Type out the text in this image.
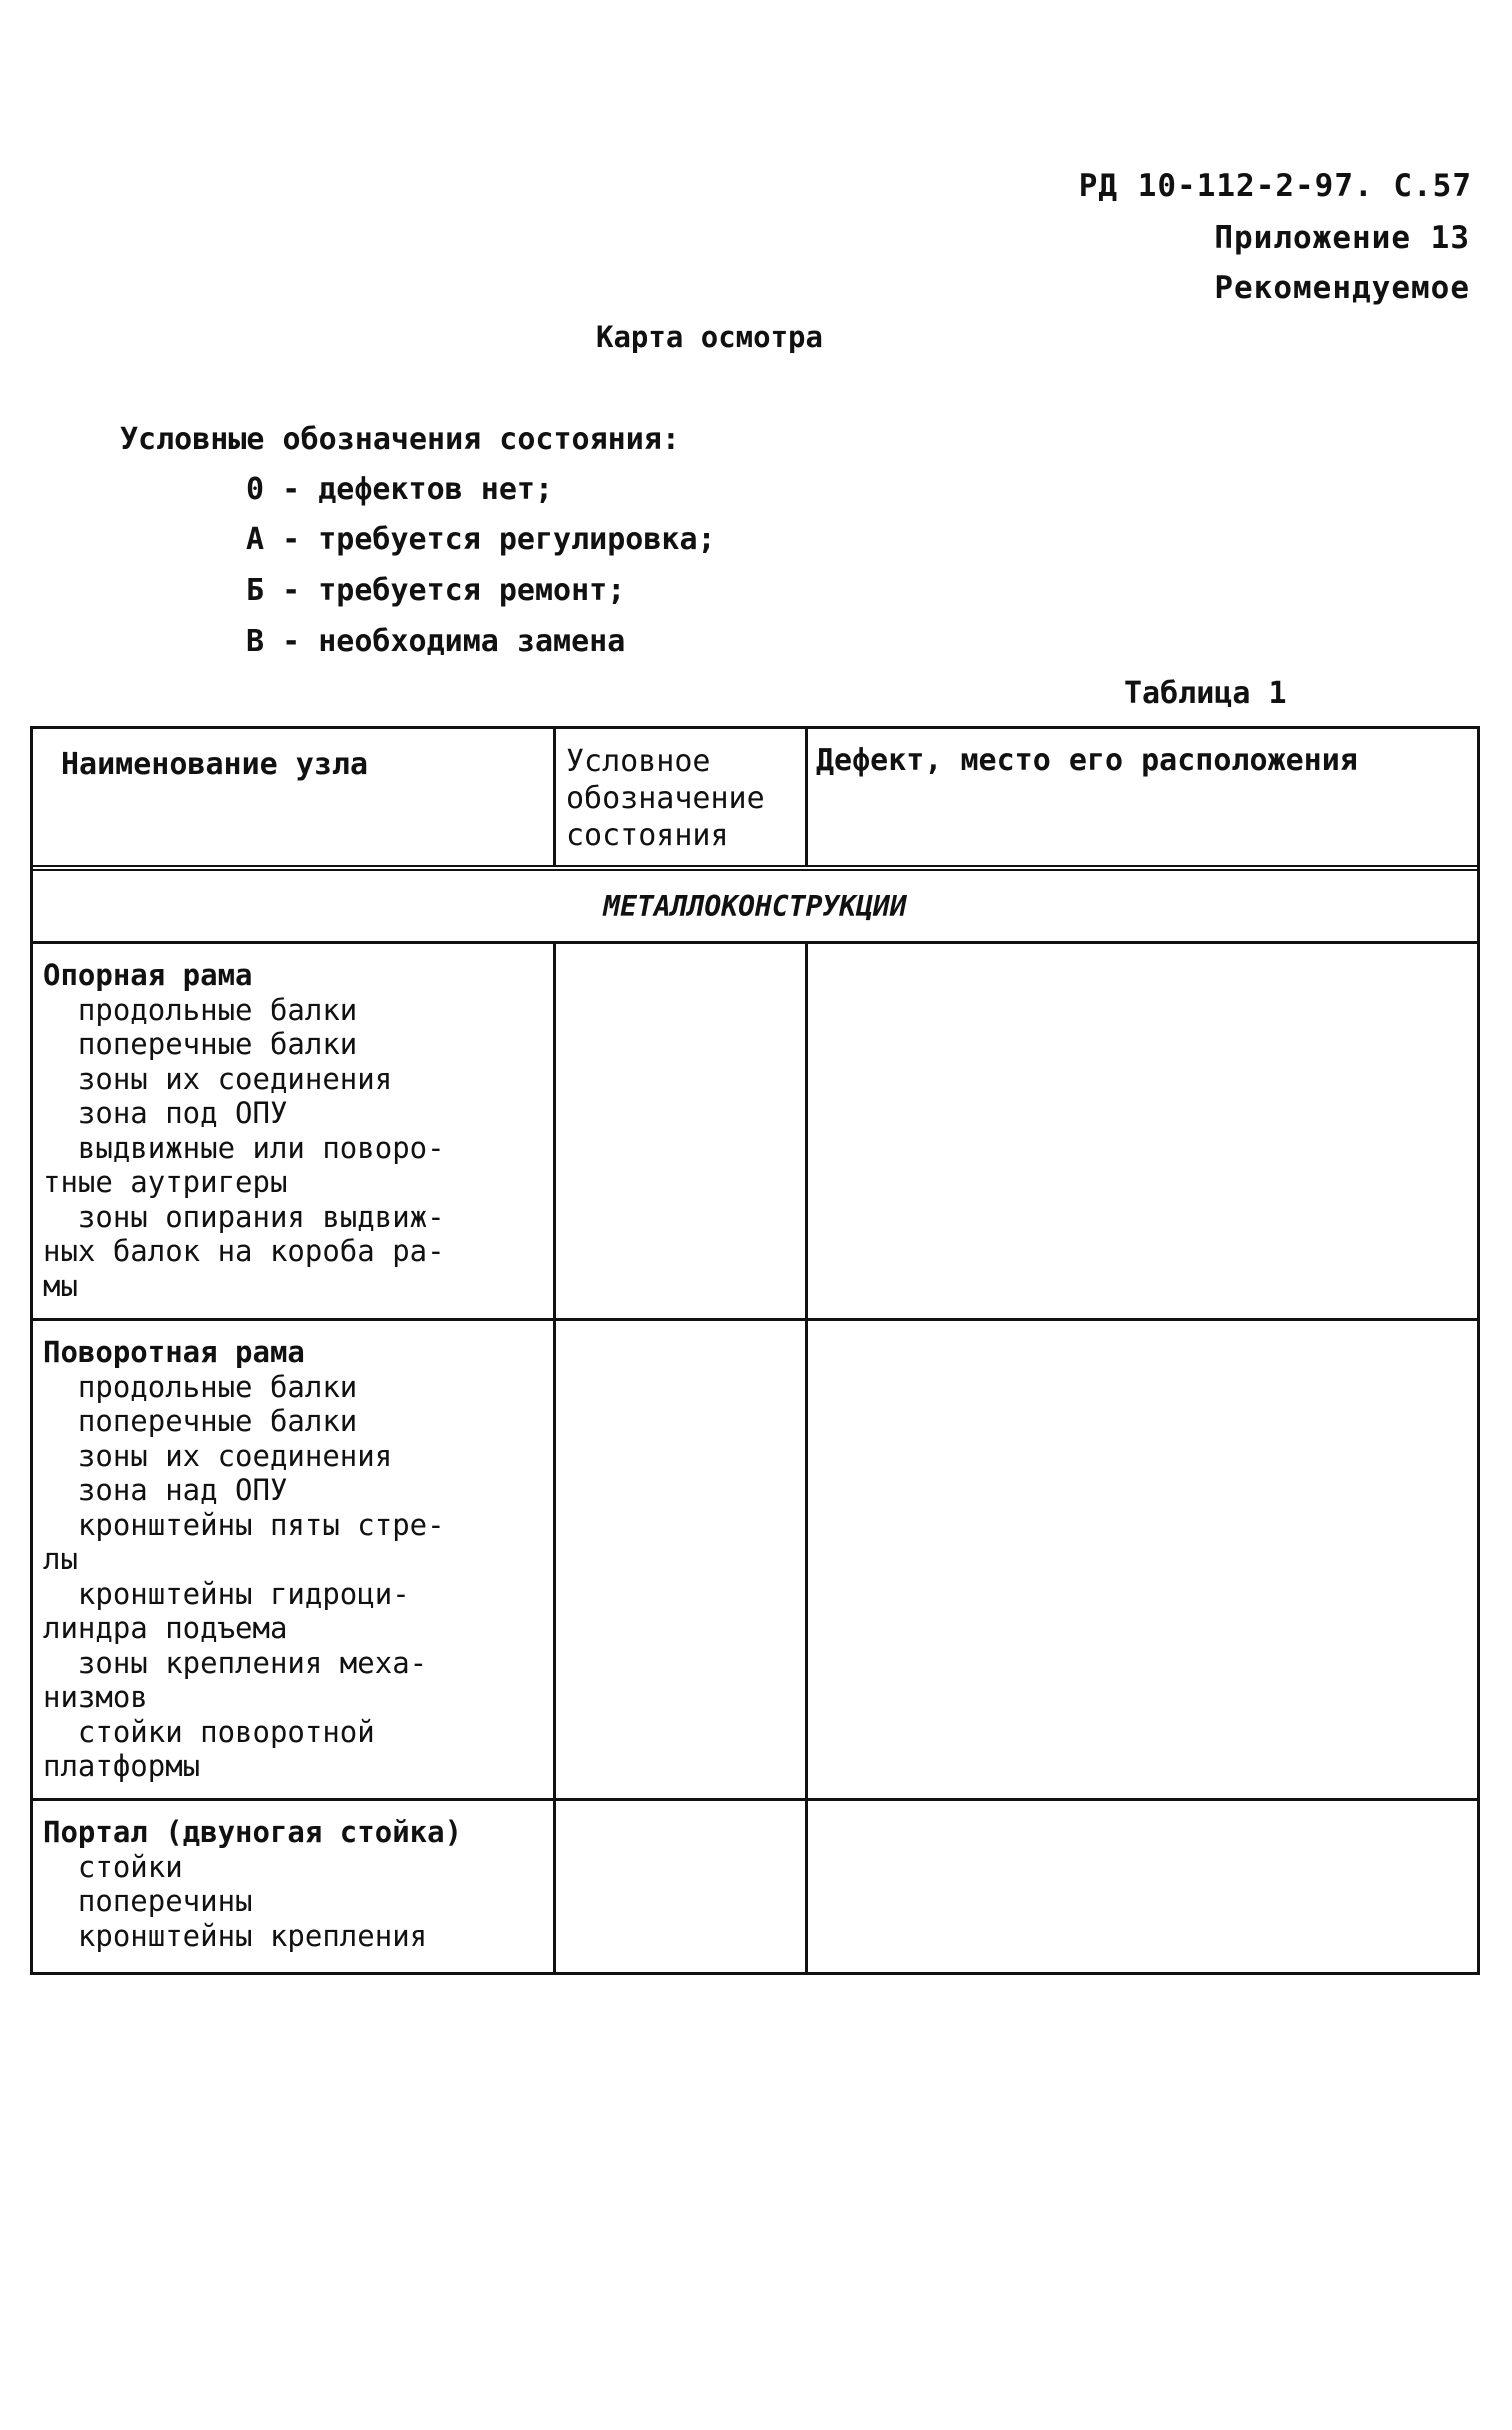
РД 10-112-2-97. С.57
Приложение 13
Рекомендуемое
Карта осмотра
Условные обозначения состояния:
0 - дефектов нет;
А - требуется регулировка;
Б - требуется ремонт;
В - необходима замена
Таблица 1
Наименование узла	Условное
обозначение
состояния
Дефект, место его расположения
МЕТАЛЛОКОНСТРУКЦИИ
Опорная рама
продольные балки
поперечные балки
зоны их соединения
зона под ОПУ
выдвижные или поворо-
тные аутригеры
зоны опирания выдвиж-
ных балок на короба ра-
мы
Поворотная рама
продольные балки
поперечные балки
зоны их соединения
зона над ОПУ
кронштейны пяты стре-
лы
кронштейны гидроци-
линдра подъема
зоны крепления меха-
низмов
стойки поворотной
платформы
Портал (двуногая стойка)
стойки
поперечины
кронштейны крепления
